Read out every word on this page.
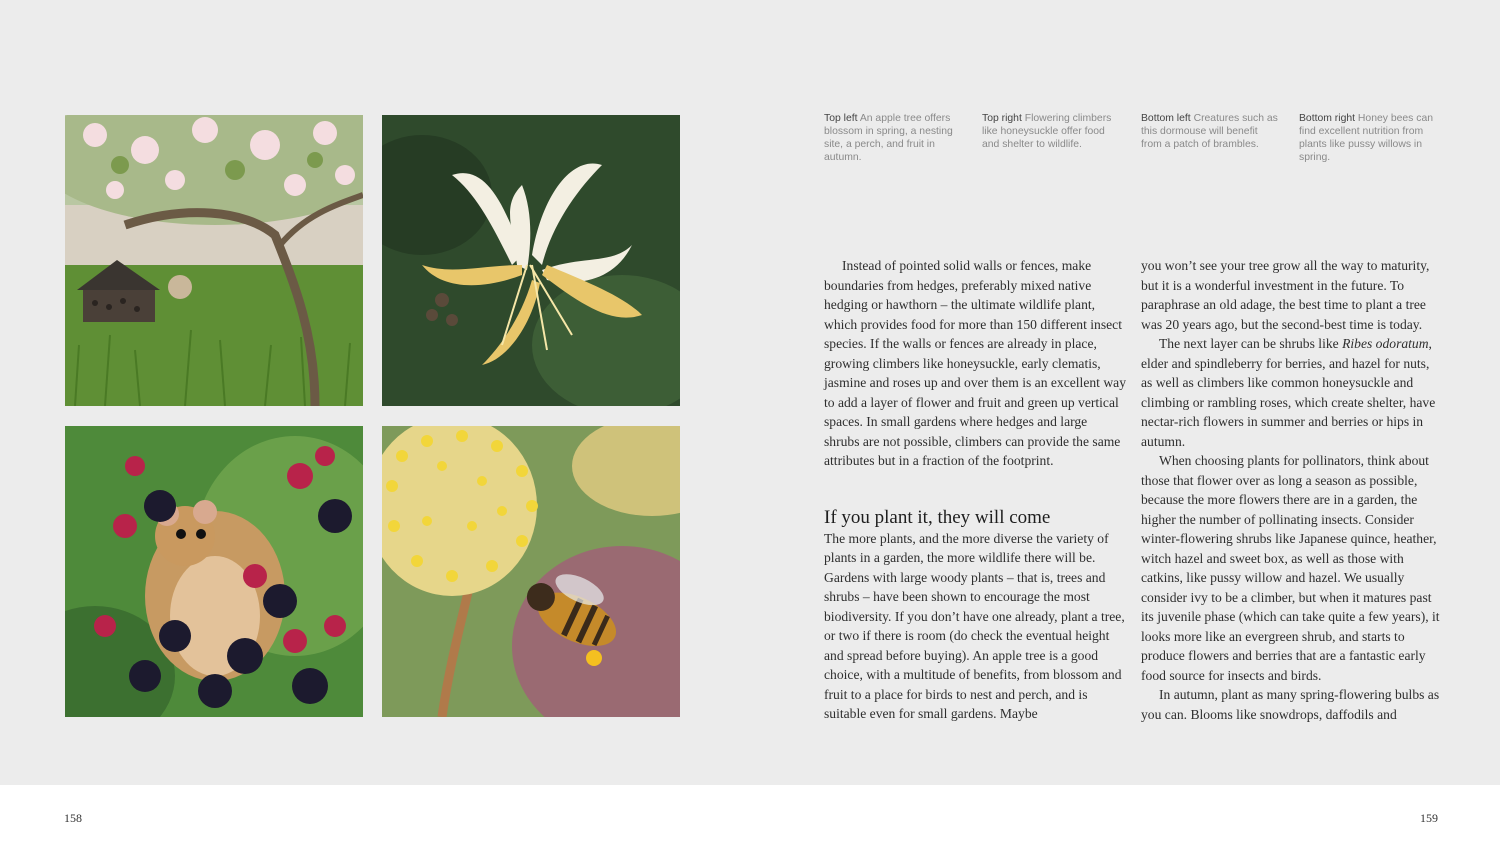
Top left An apple tree offers blossom in spring, a nesting site, a perch, and fruit in autumn.
Top right Flowering climbers like honeysuckle offer food and shelter to wildlife.
Bottom left Creatures such as this dormouse will benefit from a patch of brambles.
Bottom right Honey bees can find excellent nutrition from plants like pussy willows in spring.

Instead of pointed solid walls or fences, make boundaries from hedges, preferably mixed native hedging or hawthorn – the ultimate wildlife plant, which provides food for more than 150 different insect species. If the walls or fences are already in place, growing climbers like honeysuckle, early clematis, jasmine and roses up and over them is an excellent way to add a layer of flower and fruit and green up vertical spaces. In small gardens where hedges and large shrubs are not possible, climbers can provide the same attributes but in a fraction of the footprint.

If you plant it, they will come

The more plants, and the more diverse the variety of plants in a garden, the more wildlife there will be. Gardens with large woody plants – that is, trees and shrubs – have been shown to encourage the most biodiversity. If you don’t have one already, plant a tree, or two if there is room (do check the eventual height and spread before buying). An apple tree is a good choice, with a multitude of benefits, from blossom and fruit to a place for birds to nest and perch, and is suitable even for small gardens. Maybe

you won’t see your tree grow all the way to maturity, but it is a wonderful investment in the future. To paraphrase an old adage, the best time to plant a tree was 20 years ago, but the second-best time is today.

The next layer can be shrubs like Ribes odoratum, elder and spindleberry for berries, and hazel for nuts, as well as climbers like common honeysuckle and climbing or rambling roses, which create shelter, have nectar-rich flowers in summer and berries or hips in autumn.

When choosing plants for pollinators, think about those that flower over as long a season as possible, because the more flowers there are in a garden, the higher the number of pollinating insects. Consider winter-flowering shrubs like Japanese quince, heather, witch hazel and sweet box, as well as those with catkins, like pussy willow and hazel. We usually consider ivy to be a climber, but when it matures past its juvenile phase (which can take quite a few years), it looks more like an evergreen shrub, and starts to produce flowers and berries that are a fantastic early food source for insects and birds.

In autumn, plant as many spring-flowering bulbs as you can. Blooms like snowdrops, daffodils and

158	159
